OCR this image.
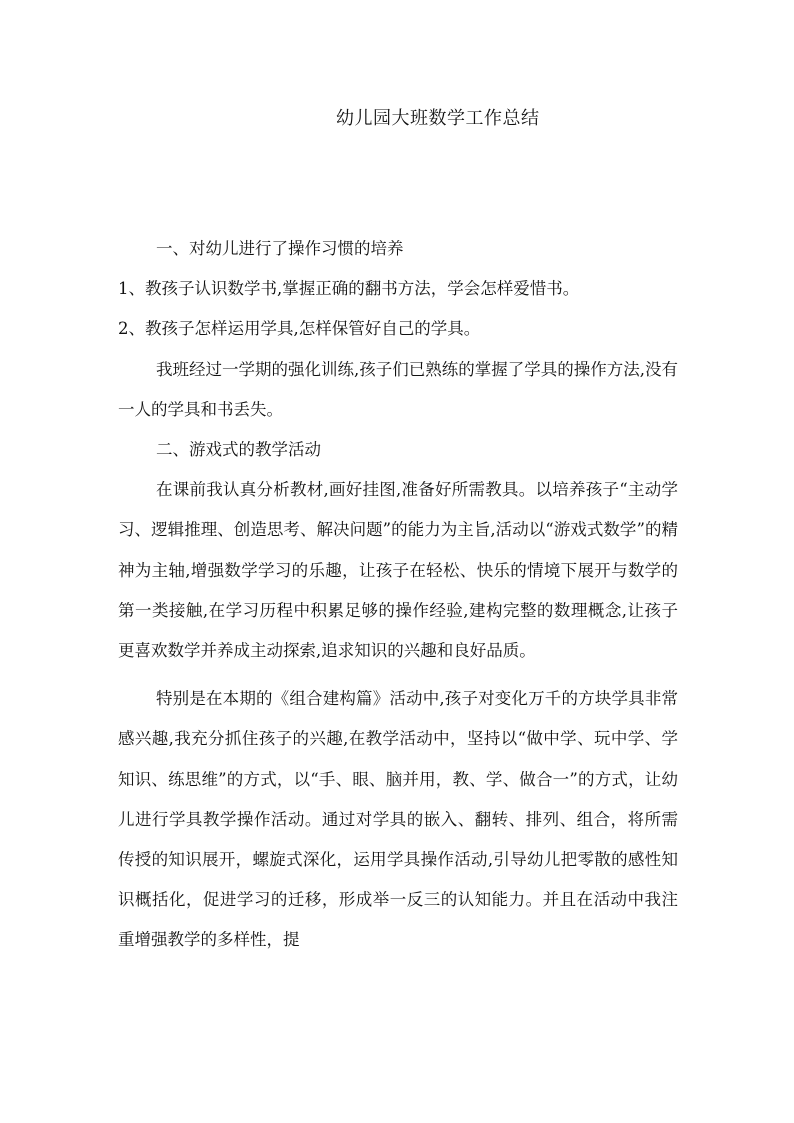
幼儿园大班数学工作总结

一、对幼儿进行了操作习惯的培养

1、教孩子认识数学书,掌握正确的翻书方法，学会怎样爱惜书。

2、教孩子怎样运用学具,怎样保管好自己的学具。

我班经过一学期的强化训练,孩子们已熟练的掌握了学具的操作方法,没有一人的学具和书丢失。

二、游戏式的教学活动

在课前我认真分析教材,画好挂图,准备好所需教具。以培养孩子“主动学习、逻辑推理、创造思考、解决问题”的能力为主旨,活动以“游戏式数学”的精神为主轴,增强数学学习的乐趣，让孩子在轻松、快乐的情境下展开与数学的第一类接触,在学习历程中积累足够的操作经验,建构完整的数理概念,让孩子更喜欢数学并养成主动探索,追求知识的兴趣和良好品质。

特别是在本期的《组合建构篇》活动中,孩子对变化万千的方块学具非常感兴趣,我充分抓住孩子的兴趣,在教学活动中，坚持以“做中学、玩中学、学知识、练思维”的方式，以“手、眼、脑并用，教、学、做合一”的方式，让幼儿进行学具教学操作活动。通过对学具的嵌入、翻转、排列、组合，将所需传授的知识展开，螺旋式深化，运用学具操作活动,引导幼儿把零散的感性知识概括化，促进学习的迁移，形成举一反三的认知能力。并且在活动中我注重增强教学的多样性，提
